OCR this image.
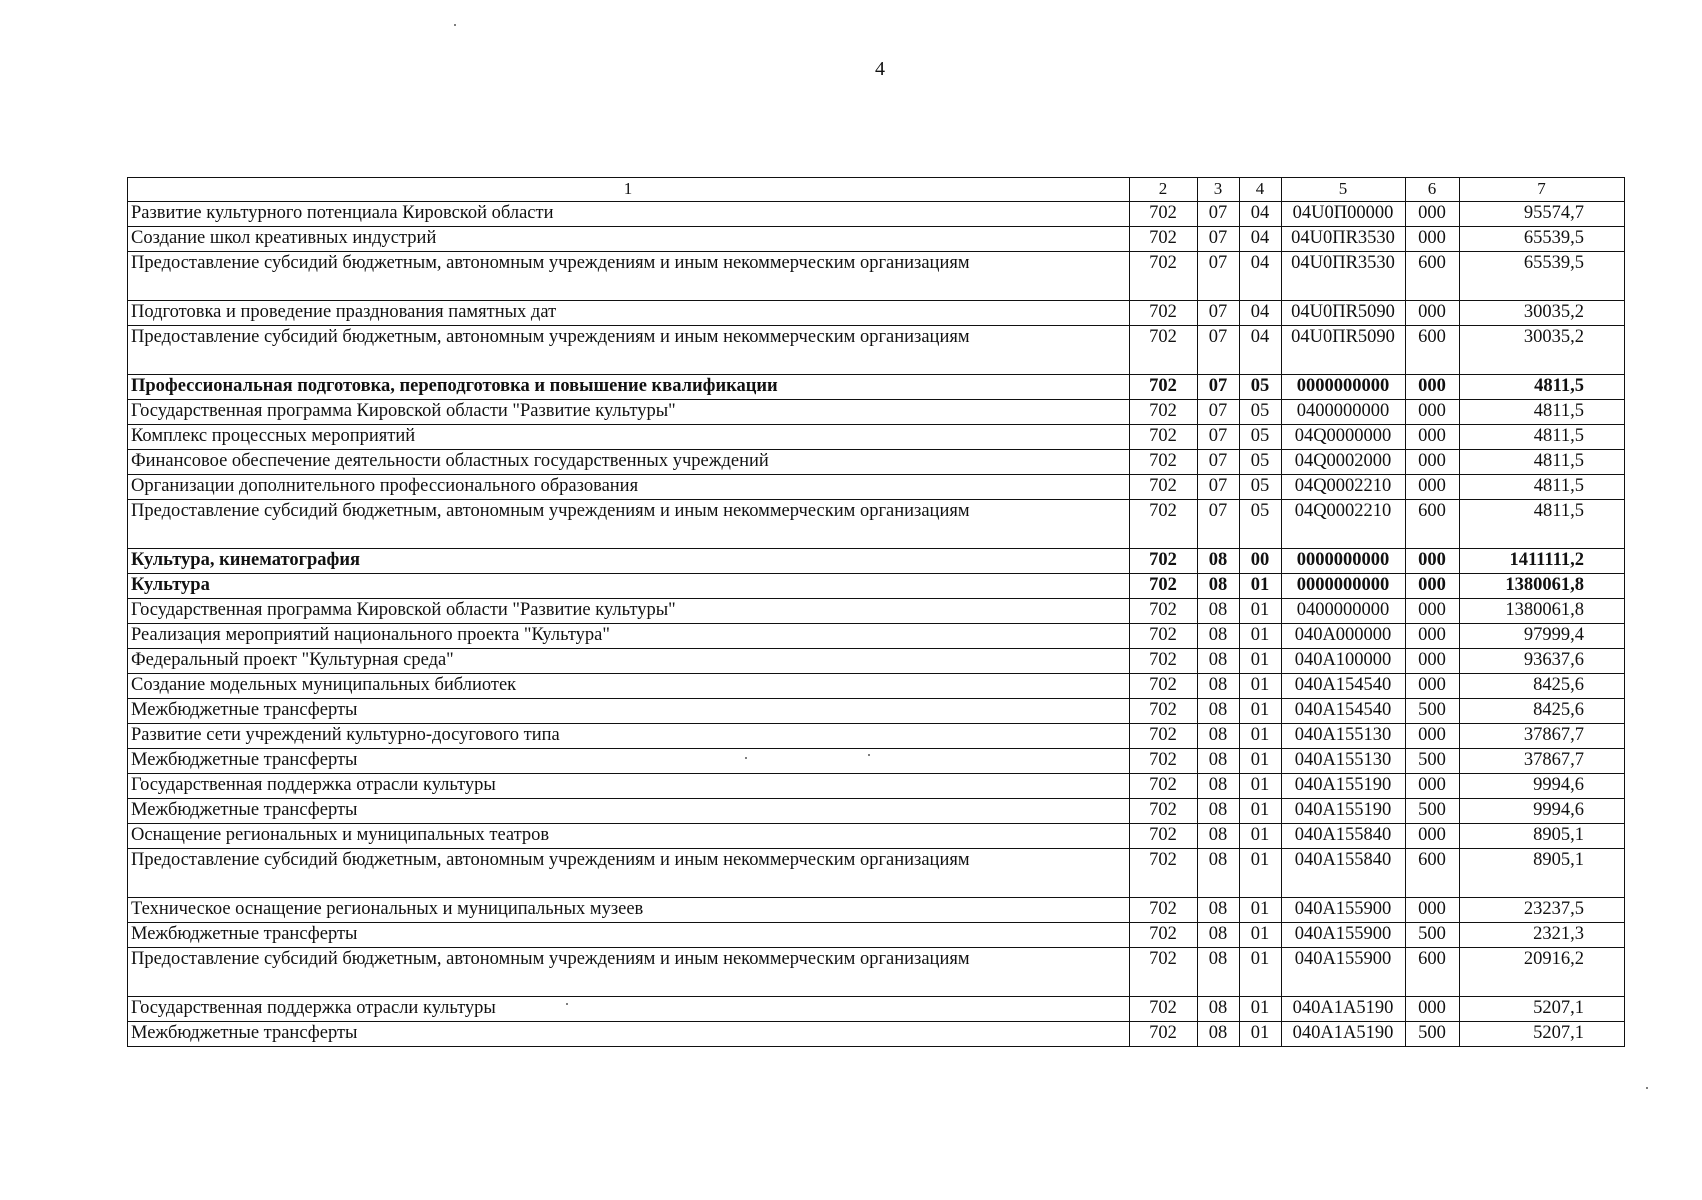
4
1	2	3	4	5	6	7
Развитие культурного потенциала Кировской области	702	07	04	04U0П00000	000	95574,7
Создание школ креативных индустрий	702	07	04	04U0ПR3530	000	65539,5
Предоставление субсидий бюджетным, автономным учреждениям и иным некоммерческим организациям	702	07	04	04U0ПR3530	600	65539,5
Подготовка и проведение празднования памятных дат	702	07	04	04U0ПR5090	000	30035,2
Предоставление субсидий бюджетным, автономным учреждениям и иным некоммерческим организациям	702	07	04	04U0ПR5090	600	30035,2
Профессиональная подготовка, переподготовка и повышение квалификации	702	07	05	0000000000	000	4811,5
Государственная программа Кировской области "Развитие культуры"	702	07	05	0400000000	000	4811,5
Комплекс процессных мероприятий	702	07	05	04Q0000000	000	4811,5
Финансовое обеспечение деятельности областных государственных учреждений	702	07	05	04Q0002000	000	4811,5
Организации дополнительного профессионального образования	702	07	05	04Q0002210	000	4811,5
Предоставление субсидий бюджетным, автономным учреждениям и иным некоммерческим организациям	702	07	05	04Q0002210	600	4811,5
Культура, кинематография	702	08	00	0000000000	000	1411111,2
Культура	702	08	01	0000000000	000	1380061,8
Государственная программа Кировской области "Развитие культуры"	702	08	01	0400000000	000	1380061,8
Реализация мероприятий национального проекта "Культура"	702	08	01	040A000000	000	97999,4
Федеральный проект "Культурная среда"	702	08	01	040A100000	000	93637,6
Создание модельных муниципальных библиотек	702	08	01	040A154540	000	8425,6
Межбюджетные трансферты	702	08	01	040A154540	500	8425,6
Развитие сети учреждений культурно-досугового типа	702	08	01	040A155130	000	37867,7
Межбюджетные трансферты	702	08	01	040A155130	500	37867,7
Государственная поддержка отрасли культуры	702	08	01	040A155190	000	9994,6
Межбюджетные трансферты	702	08	01	040A155190	500	9994,6
Оснащение региональных и муниципальных театров	702	08	01	040A155840	000	8905,1
Предоставление субсидий бюджетным, автономным учреждениям и иным некоммерческим организациям	702	08	01	040A155840	600	8905,1
Техническое оснащение региональных и муниципальных музеев	702	08	01	040A155900	000	23237,5
Межбюджетные трансферты	702	08	01	040A155900	500	2321,3
Предоставление субсидий бюджетным, автономным учреждениям и иным некоммерческим организациям	702	08	01	040A155900	600	20916,2
Государственная поддержка отрасли культуры	702	08	01	040A1A5190	000	5207,1
Межбюджетные трансферты	702	08	01	040A1A5190	500	5207,1
